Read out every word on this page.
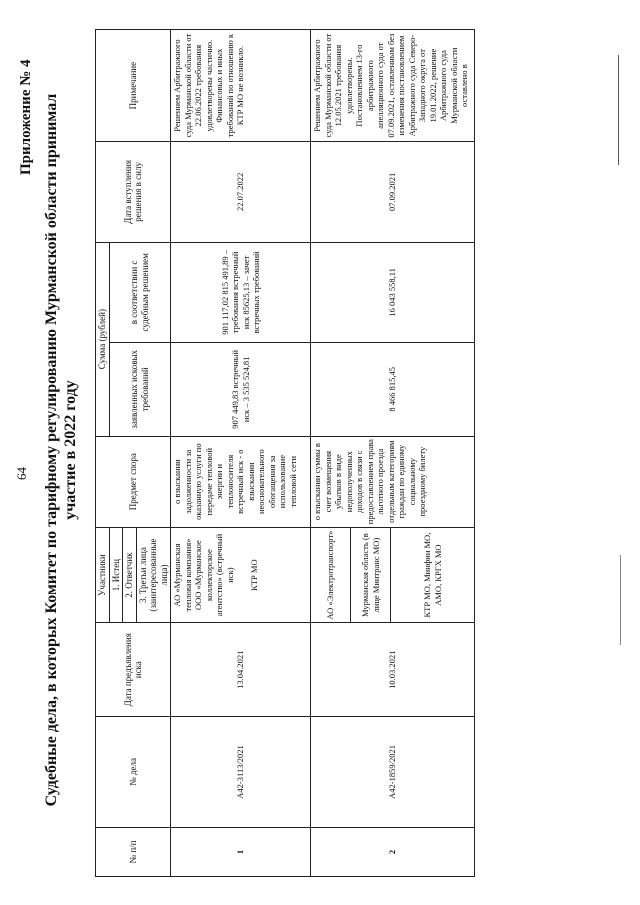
64
Приложение № 4 Судебные дела, в которых Комитет по тарифному регулированию Мурманской области принимал участие в 2022 году
№ п/п	№ дела	Дата предъявления иска	Участники	Предмет спора	Сумма (рублей)		Дата вступления решения в силу	Примечание
			1. Истец		заявленных исковых требований	в соответствии с судебным решением		
			2. Ответчик					
			3. Третьи лица (заинтересованные лица)					
1	А42-3113/2021	13.04.2021	АО «Мурманская тепловая компания» ООО «Мурманское коллекторское агентство» (встречный иск) КТР МО	о взыскании задолженности за оказанную услуги по передаче тепловой энергии и теплоносителя встречный иск - о взыскании неосновательного обогащения за использование тепловой сети	907 449,83 встречный иск – 3 535 524,81	901 117,02 815 491,89 – требования встречный иск 85625,13 – зачет встречных требований	22.07.2022	Решением Арбитражного суда Мурманской области от 22.06.2022 требования удовлетворены частично. Финансовых и иных требований по отношению к КТР МО не возникло.
2	А42-1859/2021	10.03.2021	АО «Электротранспорт»	о взыскании суммы в счет возмещения убытков в виде недополученных доходов в связи с предоставлением права льготного проезда отдельным категориям граждан по единому социальному проездному билету	8 466 815,45	16 043 558,11	07.09.2021	Решением Арбитражного суда Мурманской области от 12.05.2021 требования удовлетворены. Постановлением 13-го арбитражного апелляционного суда от 07.09.2021, оставленным без изменения постановлением Арбитражного суда Северо-Западного округа от 19.01.2022, решение Арбитражного суда Мурманской области оставлено в
			Мурманская область (в лице Минтранс МО)					
			КТР МО, Минфин МО, АМО, КРГХ МО					
